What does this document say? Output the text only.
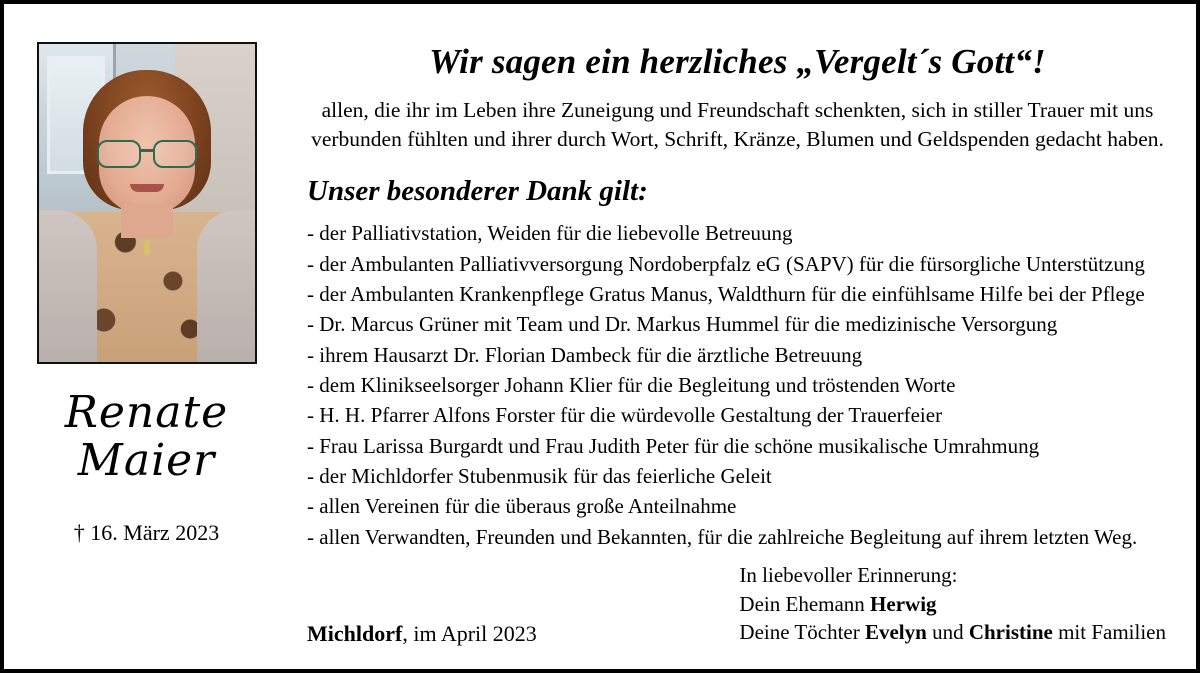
Renate
Maier
† 16. März 2023
Wir sagen ein herzliches „Vergelt´s Gott“!
allen, die ihr im Leben ihre Zuneigung und Freundschaft schenkten, sich in stiller Trauer mit uns
verbunden fühlten und ihrer durch Wort, Schrift, Kränze, Blumen und Geldspenden gedacht haben.
Unser besonderer Dank gilt:
- der Palliativstation, Weiden für die liebevolle Betreuung
- der Ambulanten Palliativversorgung Nordoberpfalz eG (SAPV) für die fürsorgliche Unterstützung
- der Ambulanten Krankenpflege Gratus Manus, Waldthurn für die einfühlsame Hilfe bei der Pflege
- Dr. Marcus Grüner mit Team und Dr. Markus Hummel für die medizinische Versorgung
- ihrem Hausarzt Dr. Florian Dambeck für die ärztliche Betreuung
- dem Klinikseelsorger Johann Klier für die Begleitung und tröstenden Worte
- H. H. Pfarrer Alfons Forster für die würdevolle Gestaltung der Trauerfeier
- Frau Larissa Burgardt und Frau Judith Peter für die schöne musikalische Umrahmung
- der Michldorfer Stubenmusik für das feierliche Geleit
- allen Vereinen für die überaus große Anteilnahme
- allen Verwandten, Freunden und Bekannten, für die zahlreiche Begleitung auf ihrem letzten Weg.
Michldorf, im April 2023
In liebevoller Erinnerung:
Dein Ehemann Herwig
Deine Töchter Evelyn und Christine mit Familien
